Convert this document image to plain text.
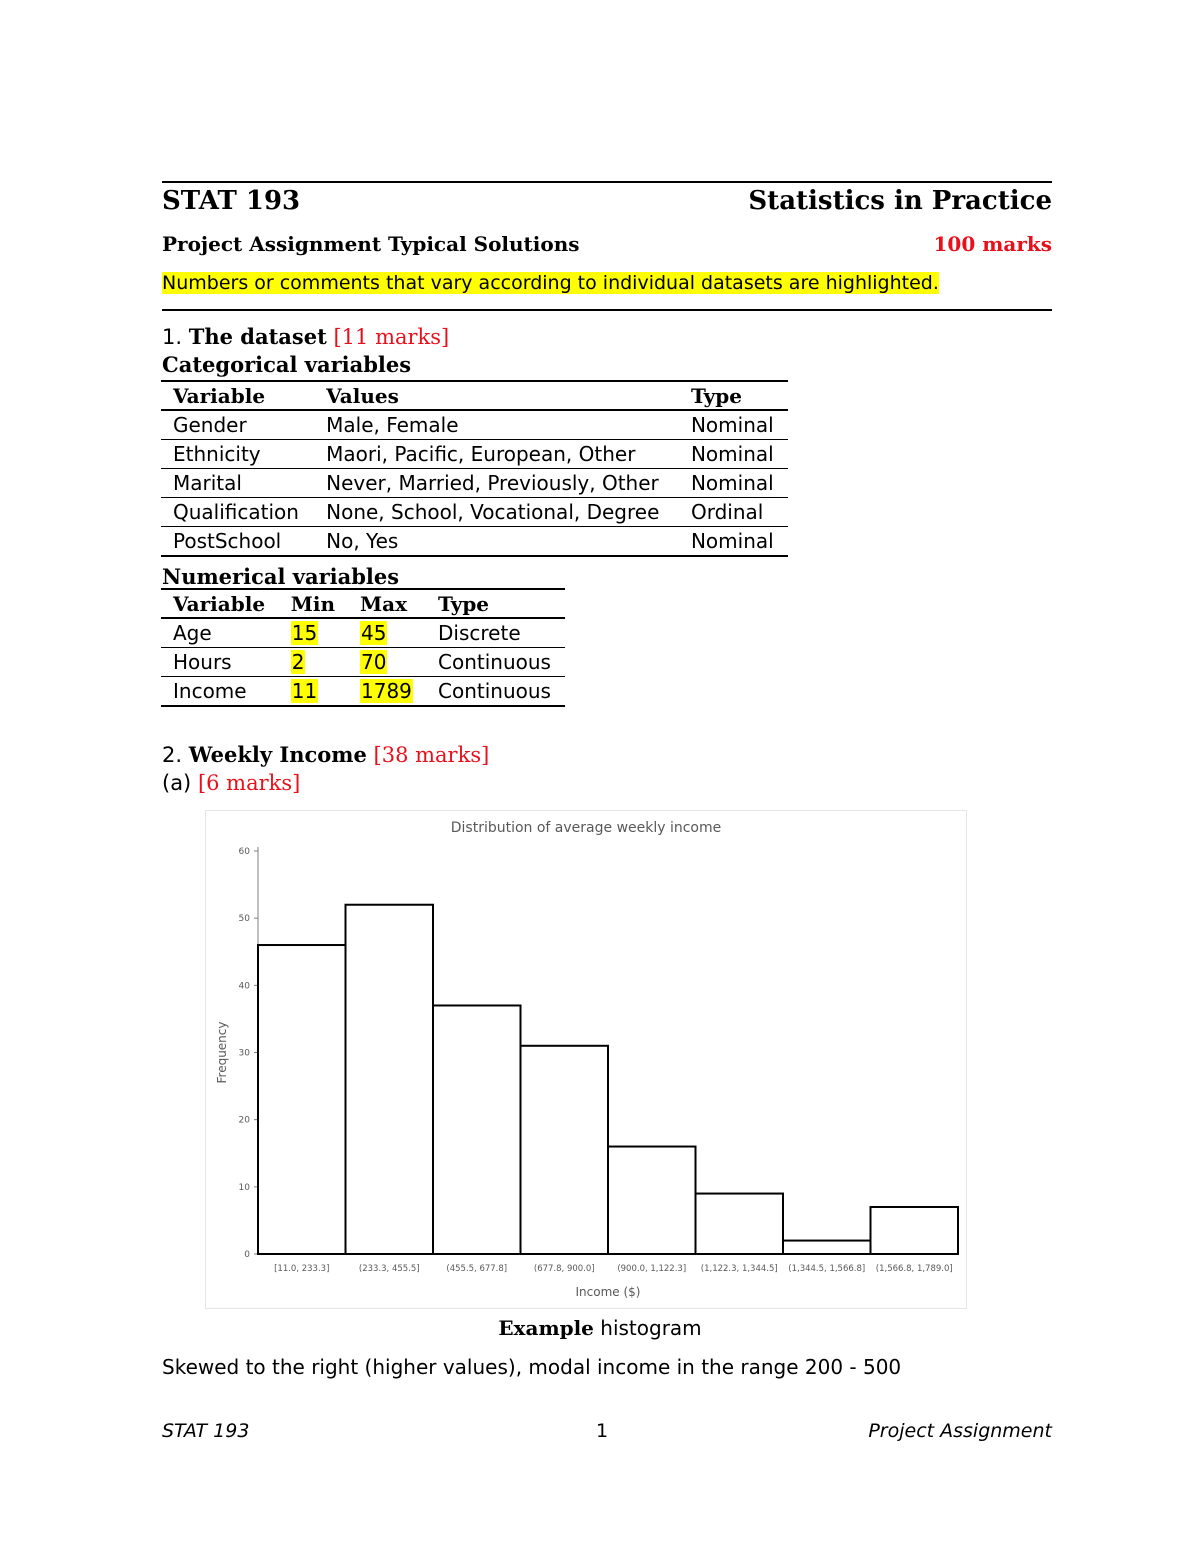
STAT 193	Statistics in Practice
Project Assignment Typical Solutions	100 marks
Numbers or comments that vary according to individual datasets are highlighted.
1. The dataset [11 marks]
Categorical variables
Variable	Values	Type
Gender	Male, Female	Nominal
Ethnicity	Maori, Pacific, European, Other	Nominal
Marital	Never, Married, Previously, Other	Nominal
Qualification	None, School, Vocational, Degree	Ordinal
PostSchool	No, Yes	Nominal
Numerical variables
Variable	Min	Max	Type
Age	15	45	Discrete
Hours	2	70	Continuous
Income	11	1789	Continuous
2. Weekly Income [38 marks]
(a) [6 marks]
Distribution of average weekly income
0
10
20
30
40
50
60
[11.0, 233.3]	(233.3, 455.5]	(455.5, 677.8]	(677.8, 900.0]	(900.0, 1,122.3] (1,122.3, 1,344.5] (1,344.5, 1,566.8] (1,566.8, 1,789.0]
Income ($)
Frequency
Example histogram
Skewed to the right (higher values), modal income in the range 200 - 500
STAT 193	1	Project Assignment
